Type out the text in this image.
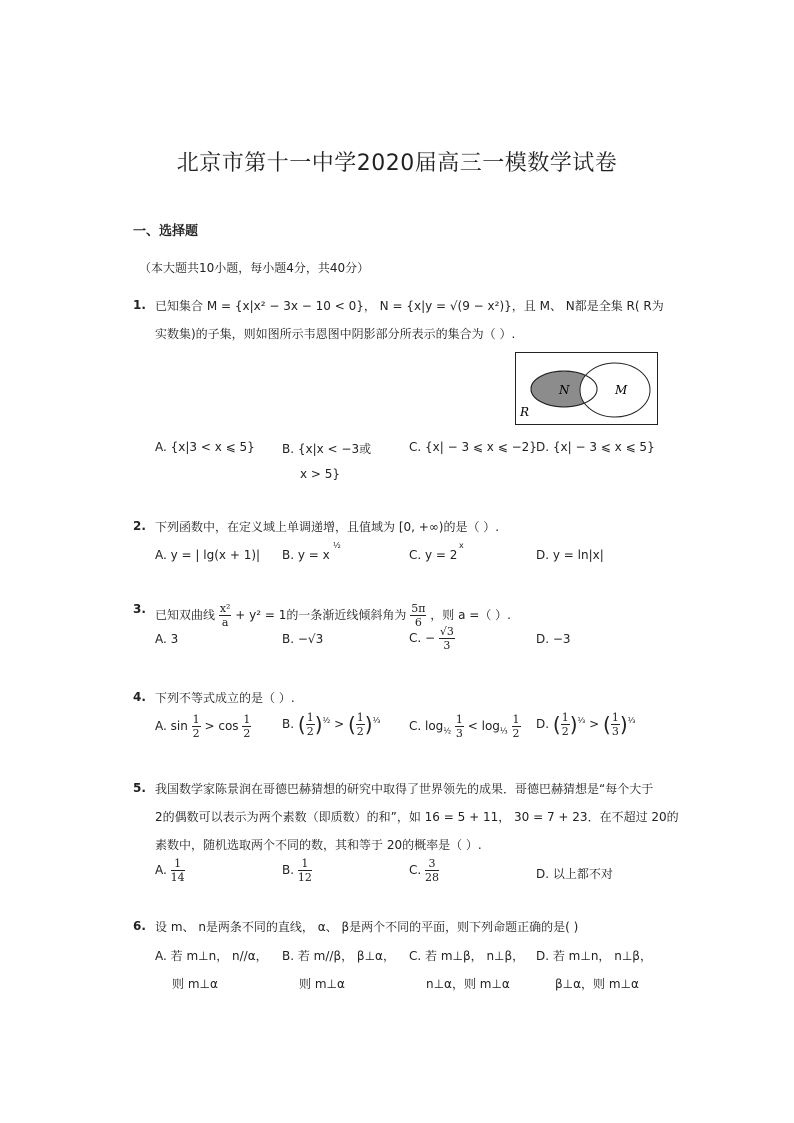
北京市第十一中学2020届高三一模数学试卷
一、选择题
（本大题共10小题，每小题4分，共40分）
1. 已知集合 M = {x|x² − 3x − 10 < 0}， N = {x|y = √(9 − x²)}，且 M、 N都是全集 R( R为
实数集)的子集，则如图所示韦恩图中阴影部分所表示的集合为（ ）.
N	M
R
A. {x|3 < x ⩽ 5} B. {x|x < −3或
x > 5}
C. {x| − 3 ⩽ x ⩽ −2} D. {x| − 3 ⩽ x ⩽ 5}
2. 下列函数中，在定义域上单调递增，且值域为 [0, +∞)的是（ ）.
A. y = | lg(x + 1)| B. y = x
½
C. y = 2
x
D. y = ln|x|
3. 已知双曲线 $\frac{\text{x²}}{a} + y^2 = 1$的一条渐近线倾斜角为 $\frac{5\pi}{6}$ ，则 a =（ ）.
A. 3	B. −√3	C. − $\frac{√3}{3}$	D. −3
4. 下列不等式成立的是（ ）.
A. $\sin \frac{1}{2} > \cos \frac{1}{2}$	B. ( $\frac{1}{2} )^{\frac{1}{2}}$ > ( $\frac{1}{2} )^{\frac{1}{3}}$ C. $\log_{\frac{1}{2}} \frac{1}{3} < \log_{\frac{1}{3}} \frac{1}{2} D$. ( $\frac{1}{2} )^{\frac{1}{3}}$ > ( $\frac{1}{3} )^{\frac{1}{3}}$
5. 我国数学家陈景润在哥德巴赫猜想的研究中取得了世界领先的成果．哥德巴赫猜想是“每个大于
2的偶数可以表示为两个素数（即质数）的和”，如 16 = 5 + 11， 30 = 7 + 23．在不超过 20的
素数中，随机选取两个不同的数，其和等于 20的概率是（ ）.
A. $\frac{1}{14}$	B. $\frac{1}{12}$	C. $\frac{3}{28}$	D. 以上都不对
6. 设 m、 n是两条不同的直线， α、 β是两个不同的平面，则下列命题正确的是( )
A. 若 m⊥n， n//α，
则 m⊥α
B. 若 m//β， β⊥α，
则 m⊥α
C. 若 m⊥β， n⊥β，
n⊥α，则 m⊥α
D. 若 m⊥n， n⊥β，
β⊥α，则 m⊥α
